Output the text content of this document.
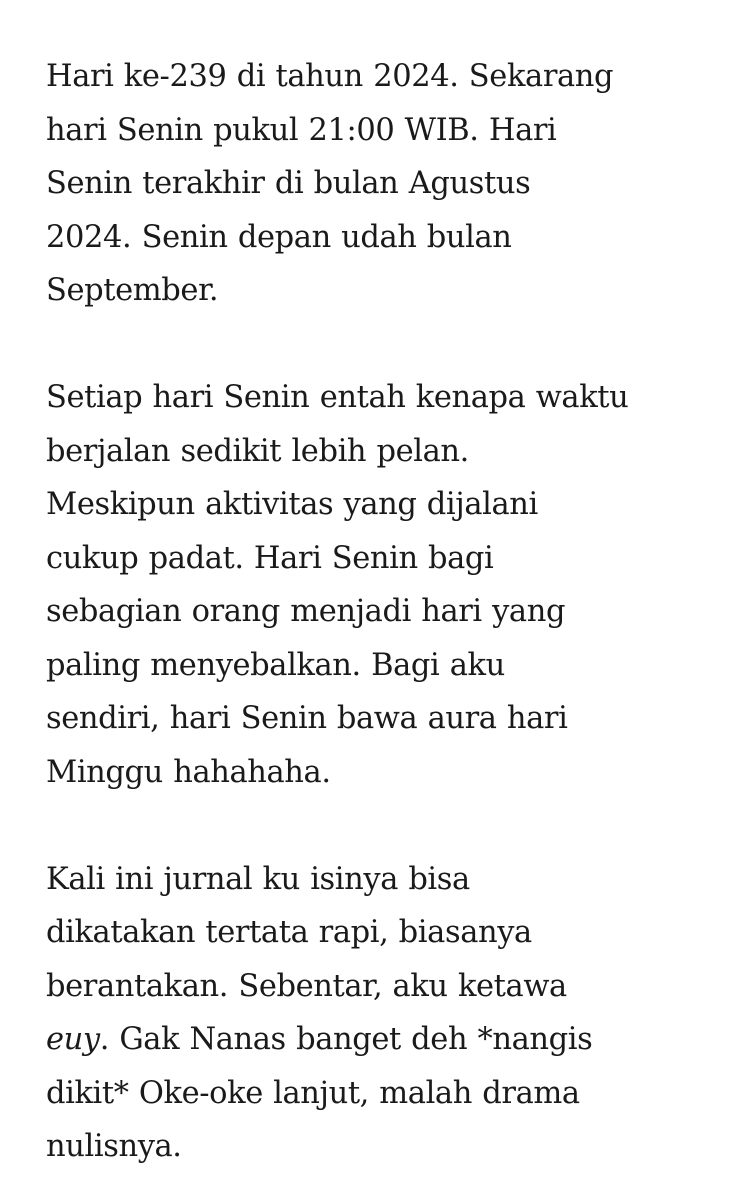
Hari ke-239 di tahun 2024. Sekarang
hari Senin pukul 21:00 WIB. Hari
Senin terakhir di bulan Agustus
2024. Senin depan udah bulan
September.

Setiap hari Senin entah kenapa waktu
berjalan sedikit lebih pelan.
Meskipun aktivitas yang dijalani
cukup padat. Hari Senin bagi
sebagian orang menjadi hari yang
paling menyebalkan. Bagi aku
sendiri, hari Senin bawa aura hari
Minggu hahahaha.

Kali ini jurnal ku isinya bisa
dikatakan tertata rapi, biasanya
berantakan. Sebentar, aku ketawa
euy. Gak Nanas banget deh *nangis
dikit* Oke-oke lanjut, malah drama
nulisnya.
